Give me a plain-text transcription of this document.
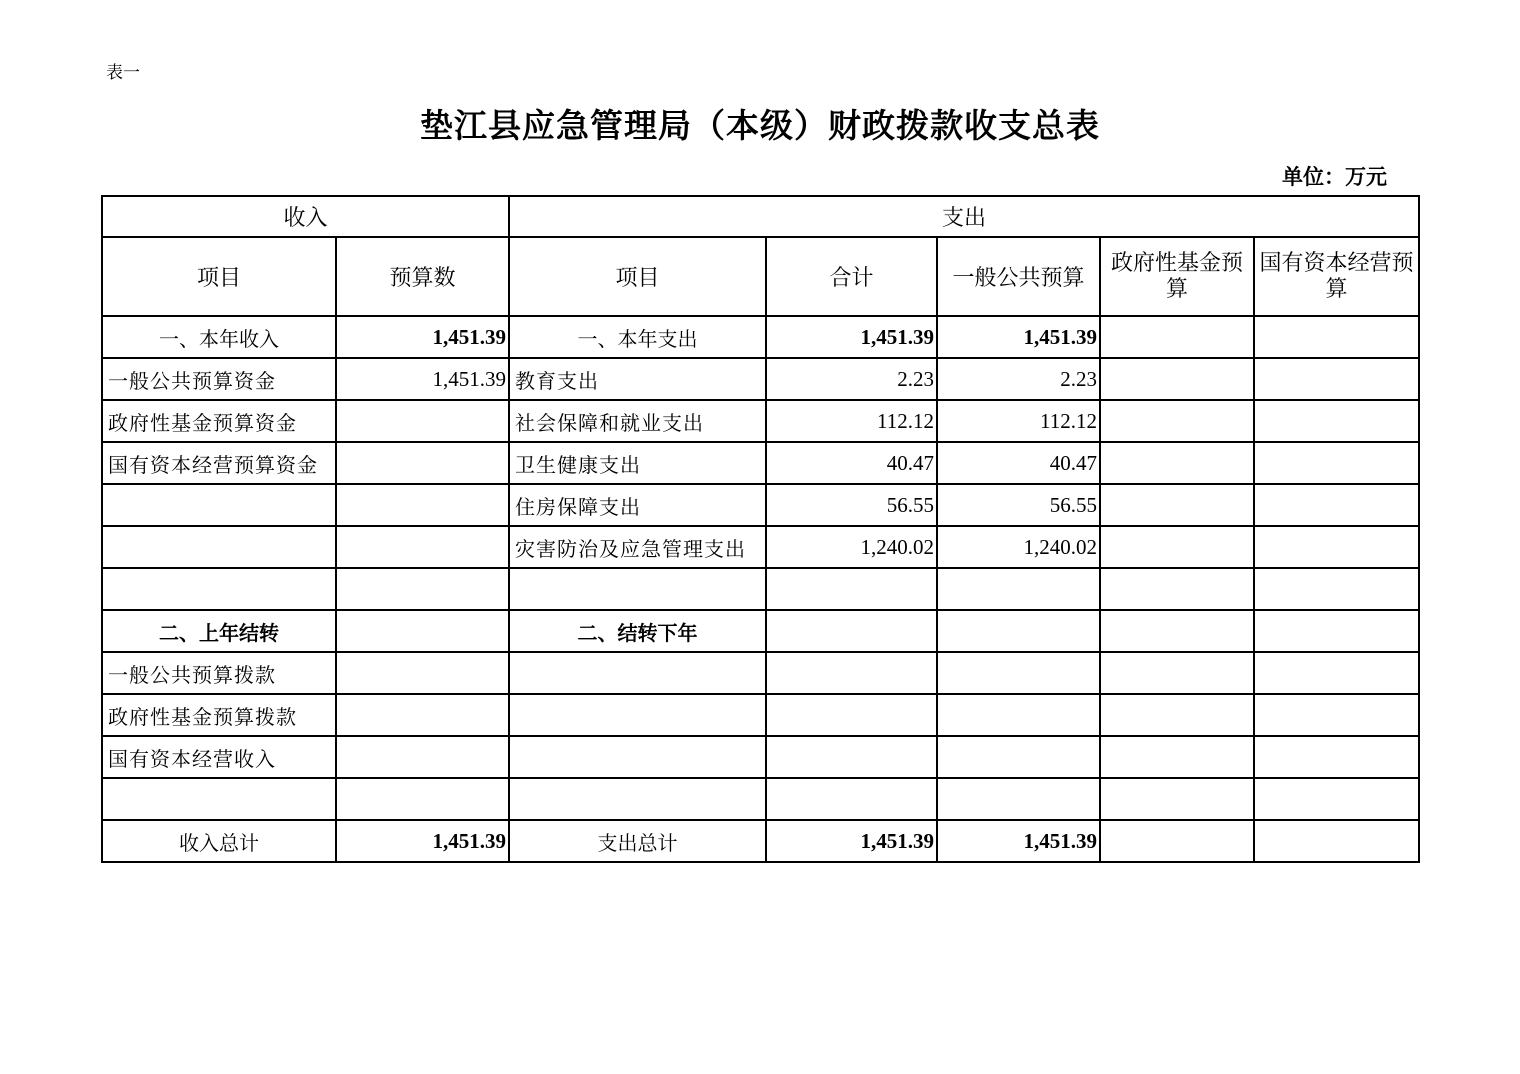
表一
垫江县应急管理局（本级）财政拨款收支总表
单位：万元
收入		支出				
项目	预算数	项目	合计	一般公共预算	政府性基金预算	国有资本经营预算
一、本年收入	1,451.39	一、本年支出	1,451.39	1,451.39		
一般公共预算资金	1,451.39	教育支出	2.23	2.23		
政府性基金预算资金		社会保障和就业支出	112.12	112.12		
国有资本经营预算资金		卫生健康支出	40.47	40.47		
		住房保障支出	56.55	56.55		
		灾害防治及应急管理支出	1,240.02	1,240.02		

二、上年结转		二、结转下年				
一般公共预算拨款						
政府性基金预算拨款						
国有资本经营收入						

收入总计	1,451.39	支出总计	1,451.39	1,451.39		
